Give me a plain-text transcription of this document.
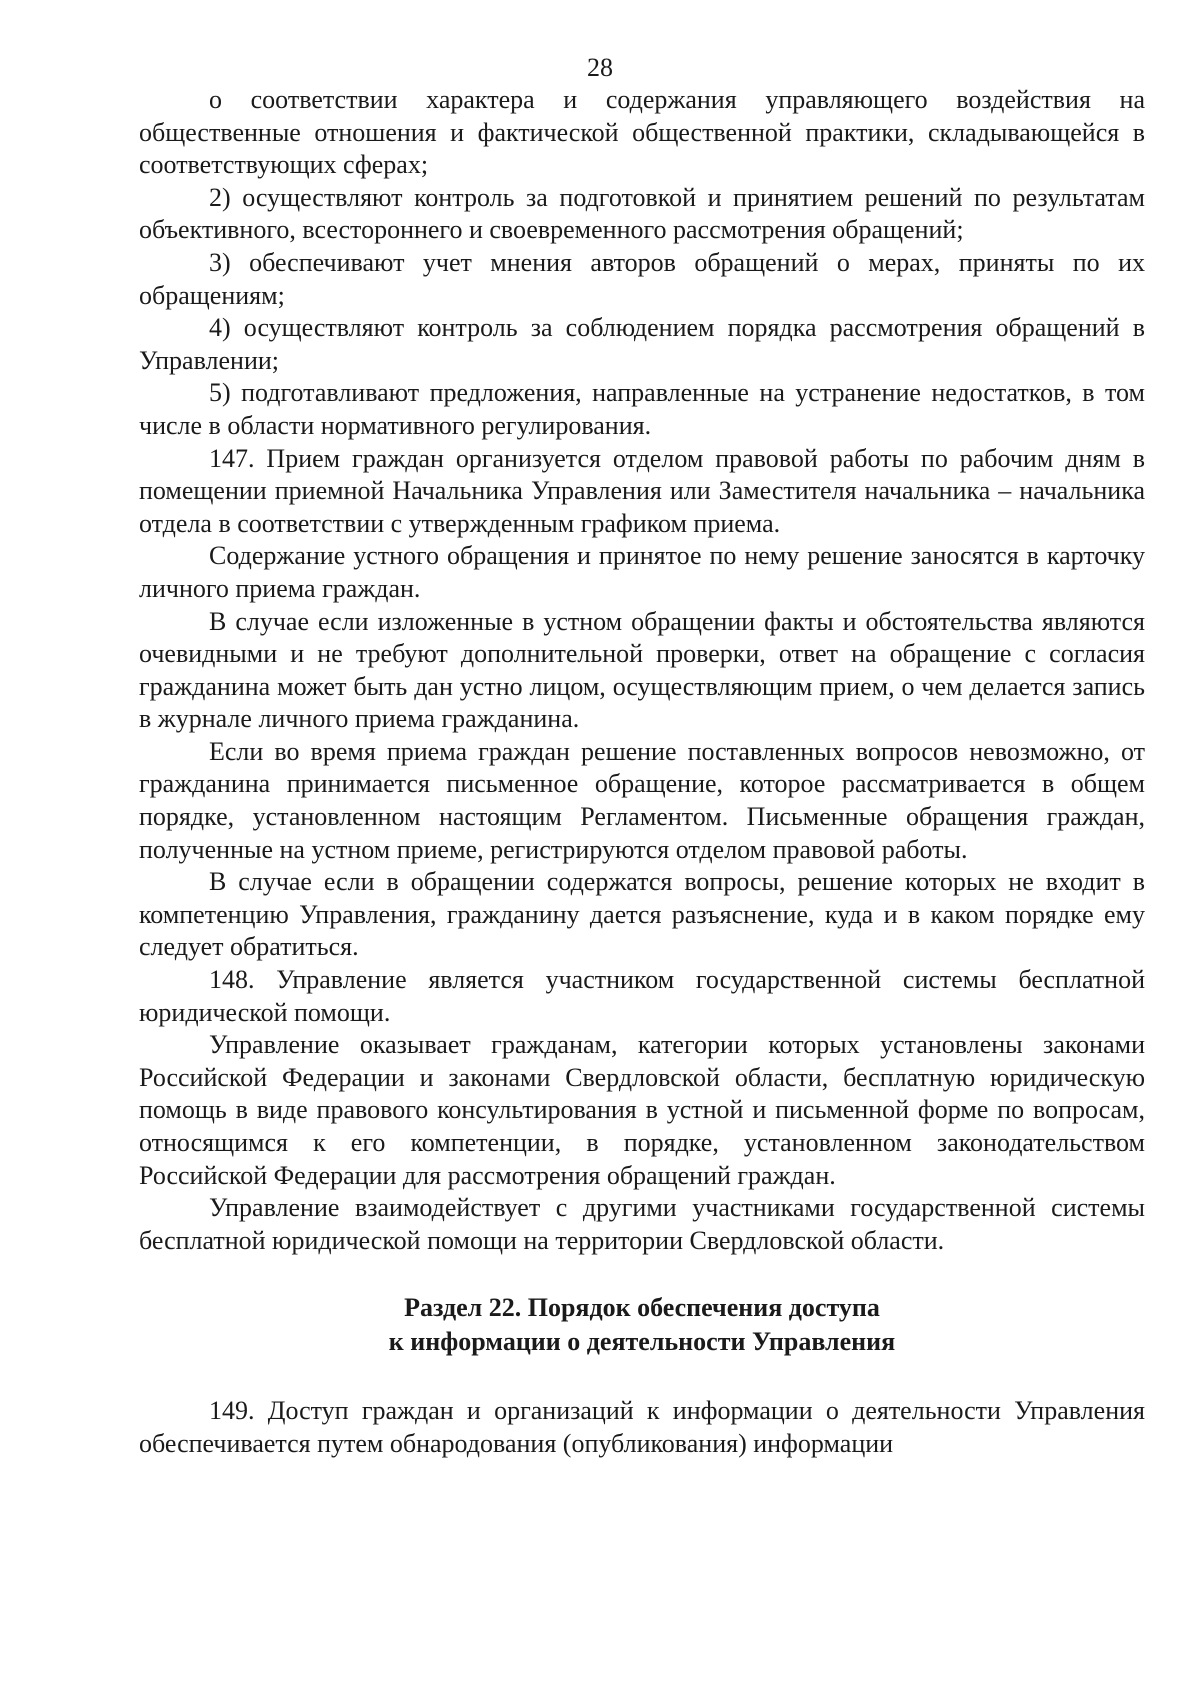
28

о соответствии характера и содержания управляющего воздействия на общественные отношения и фактической общественной практики, складывающейся в соответствующих сферах;

2) осуществляют контроль за подготовкой и принятием решений по результатам объективного, всестороннего и своевременного рассмотрения обращений;

3) обеспечивают учет мнения авторов обращений о мерах, приняты по их обращениям;

4) осуществляют контроль за соблюдением порядка рассмотрения обращений в Управлении;

5) подготавливают предложения, направленные на устранение недостатков, в том числе в области нормативного регулирования.

147. Прием граждан организуется отделом правовой работы по рабочим дням в помещении приемной Начальника Управления или Заместителя начальника – начальника отдела в соответствии с утвержденным графиком приема.

Содержание устного обращения и принятое по нему решение заносятся в карточку личного приема граждан.

В случае если изложенные в устном обращении факты и обстоятельства являются очевидными и не требуют дополнительной проверки, ответ на обращение с согласия гражданина может быть дан устно лицом, осуществляющим прием, о чем делается запись в журнале личного приема гражданина.

Если во время приема граждан решение поставленных вопросов невозможно, от гражданина принимается письменное обращение, которое рассматривается в общем порядке, установленном настоящим Регламентом. Письменные обращения граждан, полученные на устном приеме, регистрируются отделом правовой работы.

В случае если в обращении содержатся вопросы, решение которых не входит в компетенцию Управления, гражданину дается разъяснение, куда и в каком порядке ему следует обратиться.

148. Управление является участником государственной системы бесплатной юридической помощи.

Управление оказывает гражданам, категории которых установлены законами Российской Федерации и законами Свердловской области, бесплатную юридическую помощь в виде правового консультирования в устной и письменной форме по вопросам, относящимся к его компетенции, в порядке, установленном законодательством Российской Федерации для рассмотрения обращений граждан.

Управление взаимодействует с другими участниками государственной системы бесплатной юридической помощи на территории Свердловской области.

Раздел 22. Порядок обеспечения доступа
к информации о деятельности Управления

149. Доступ граждан и организаций к информации о деятельности Управления обеспечивается путем обнародования (опубликования) информации
